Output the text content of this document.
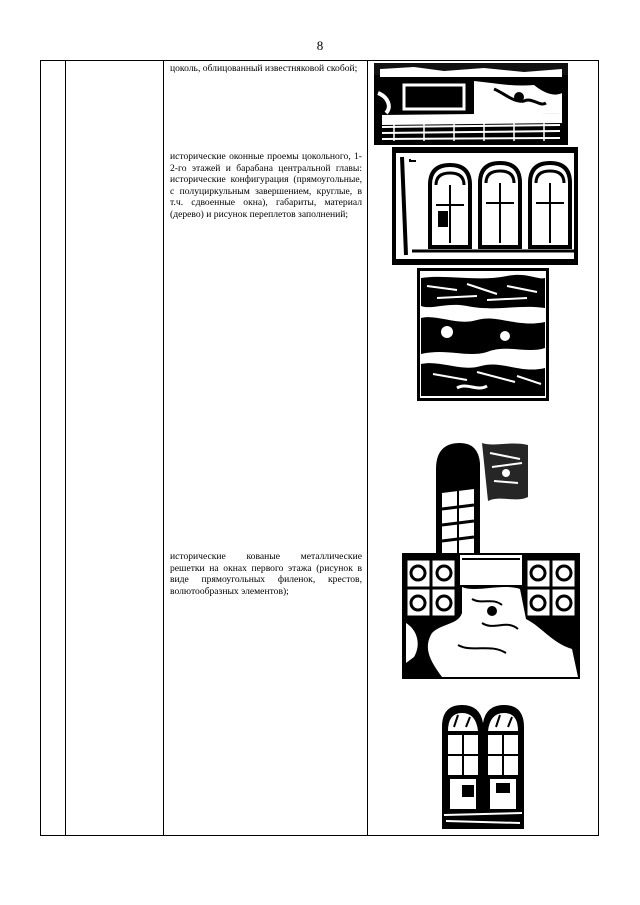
8

цоколь, облицованный известняковой скобой;
исторические оконные проемы цокольного, 1-2-го этажей и барабана центральной главы: исторические конфигурация (прямоугольные, с полуциркульным завершением, круглые, в т.ч. сдвоенные окна), габариты, материал (дерево) и рисунок переплетов заполнений;
исторические кованые металлические решетки на окнах первого этажа (рисунок в виде прямоугольных филенок, крестов, волютообразных элементов);
